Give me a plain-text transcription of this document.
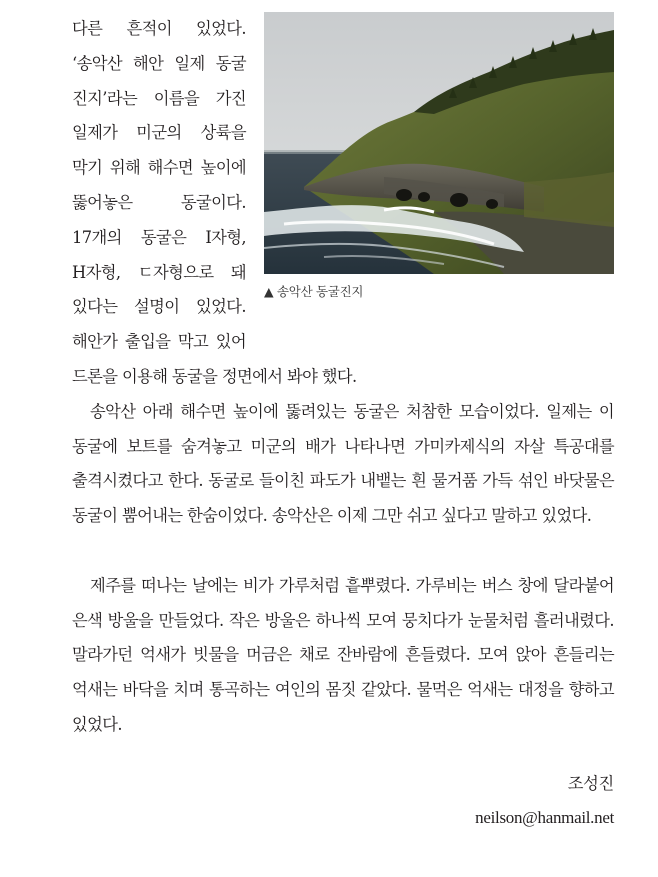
▲ 송악산 동굴진지

다른 흔적이 있었다. ‘송악산 해안 일제 동굴 진지’라는 이름을 가진 일제가 미군의 상륙을 막기 위해 해수면 높이에 뚫어놓은 동굴이다. 17개의 동굴은 I자형, H자형, ㄷ자형으로 돼 있다는 설명이 있었다. 해안가 출입을 막고 있어 드론을 이용해 동굴을 정면에서 봐야 했다.

송악산 아래 해수면 높이에 뚫려있는 동굴은 처참한 모습이었다. 일제는 이 동굴에 보트를 숨겨놓고 미군의 배가 나타나면 가미카제식의 자살 특공대를 출격시켰다고 한다. 동굴로 들이친 파도가 내뱉는 흰 물거품 가득 섞인 바닷물은 동굴이 뿜어내는 한숨이었다. 송악산은 이제 그만 쉬고 싶다고 말하고 있었다.

제주를 떠나는 날에는 비가 가루처럼 흩뿌렸다. 가루비는 버스 창에 달라붙어 은색 방울을 만들었다. 작은 방울은 하나씩 모여 뭉치다가 눈물처럼 흘러내렸다. 말라가던 억새가 빗물을 머금은 채로 잔바람에 흔들렸다. 모여 앉아 흔들리는 억새는 바닥을 치며 통곡하는 여인의 몸짓 같았다. 물먹은 억새는 대정을 향하고 있었다.

조성진
neilson@hanmail.net
